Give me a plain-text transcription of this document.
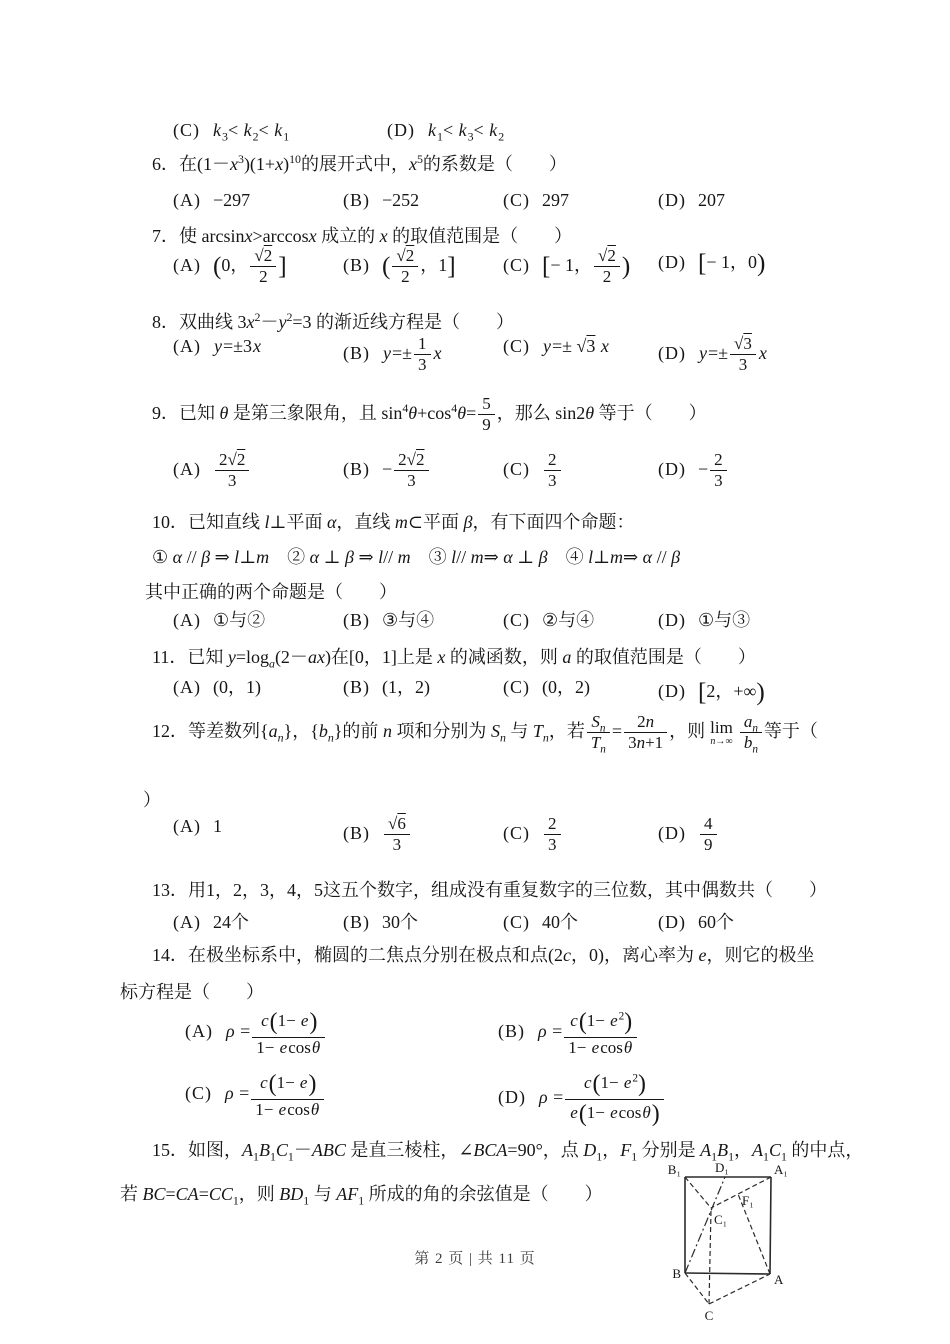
(C) $k_3< k_2< k_1$	(D) $k_1< k_3< k_2$
6．在$(1-x^3)(1+x)^{10}$的展开式中，$x^5$的系数是（　　）
(A) −297	(B) −252	(C) 297	(D) 207
7．使 arcsinx>arccosx 成立的 x 的取值范围是（　　）
(A) (0， $\frac{√2}{2}$ ]	(B) ( $\frac{√2}{2}$ ，1]	(C) [− 1， $\frac{√2}{2}$ ) (D) [− 1，0)
8．双曲线 $3x^2-y^2=3$ 的渐近线方程是（　　）
(A) y=±3x	(B) $y=\pm \frac{1}{3}$ x	(C) y=± √3 x	(D) $y=\pm \frac{√3}{3}$ x
9．已知 θ 是第三象限角，且 $\sin^4\theta+\cos^4\theta= \frac{5}{9}$ ，那么 sin2θ 等于（　　）
$(A) \frac{2√2}{3}$	$(B) - \frac{2√2}{3}$	$(C) \frac{2}{3}$	$(D) - \frac{2}{3}$
10．已知直线 l⊥平面 α，直线 m⊂平面 β，有下面四个命题：
① α // β ⇒ l⊥m　② α ⊥ β ⇒ l// m　③ l// m⇒ α ⊥ β　④ l⊥m⇒ α // β
其中正确的两个命题是（　　）
(A) ①与②	(B) ③与④	(C) ②与④	(D) ①与③
11．已知 $y=\log_a(2-ax)$在[0，1]上是 x 的减函数，则 a 的取值范围是（　　）
(A) (0，1)	(B) (1，2)	(C) (0，2)	(D) [2，+∞)
12．等差数列$\{a_n\}$，$\{b_n\}$的前 n 项和分别为 $S_n$ 与 $T_n$，若 $\frac{S_n}{T_n} = \frac{2n}{3n+1}$ ，则 lim
$n\to\infty \frac{a_n}{b_n}$ 等于（
）
(A) 1	$(B) \frac{√6}{3}$	$(C) \frac{2}{3}$	$(D) \frac{4}{9}$
13．用1，2，3，4，5这五个数字，组成没有重复数字的三位数，其中偶数共（　　）
(A) 24个	(B) 30个	(C) 40个	(D) 60个
14．在极坐标系中，椭圆的二焦点分别在极点和点(2c，0)，离心率为 e，则它的极坐
标方程是（　　）
(A) $\rho = \frac{c(1- e)}{1- ecos\theta}$	(B) $\rho = \frac{c(1- e^2)}{1- ecos\theta}$
(C) $\rho = \frac{c(1- e)}{1- ecos\theta}$	(D) $\rho = \frac{c(1- e^2)}{e(1- ecos\theta)}$
15．如图，$A_1B_1C_1-ABC$ 是直三棱柱，∠BCA=90°，点 $D_1$，$F_1$ 分别是 $A_1B_1$，$A_1C_1$ 的中点，
若 $BC=CA=CC_1$，则 $BD_1$ 与 $AF_1$ 所成的角的余弦值是（　　）
B₁	D₁	A₁
C₁
F₁
B	A
C
第 2 页 | 共 11 页
